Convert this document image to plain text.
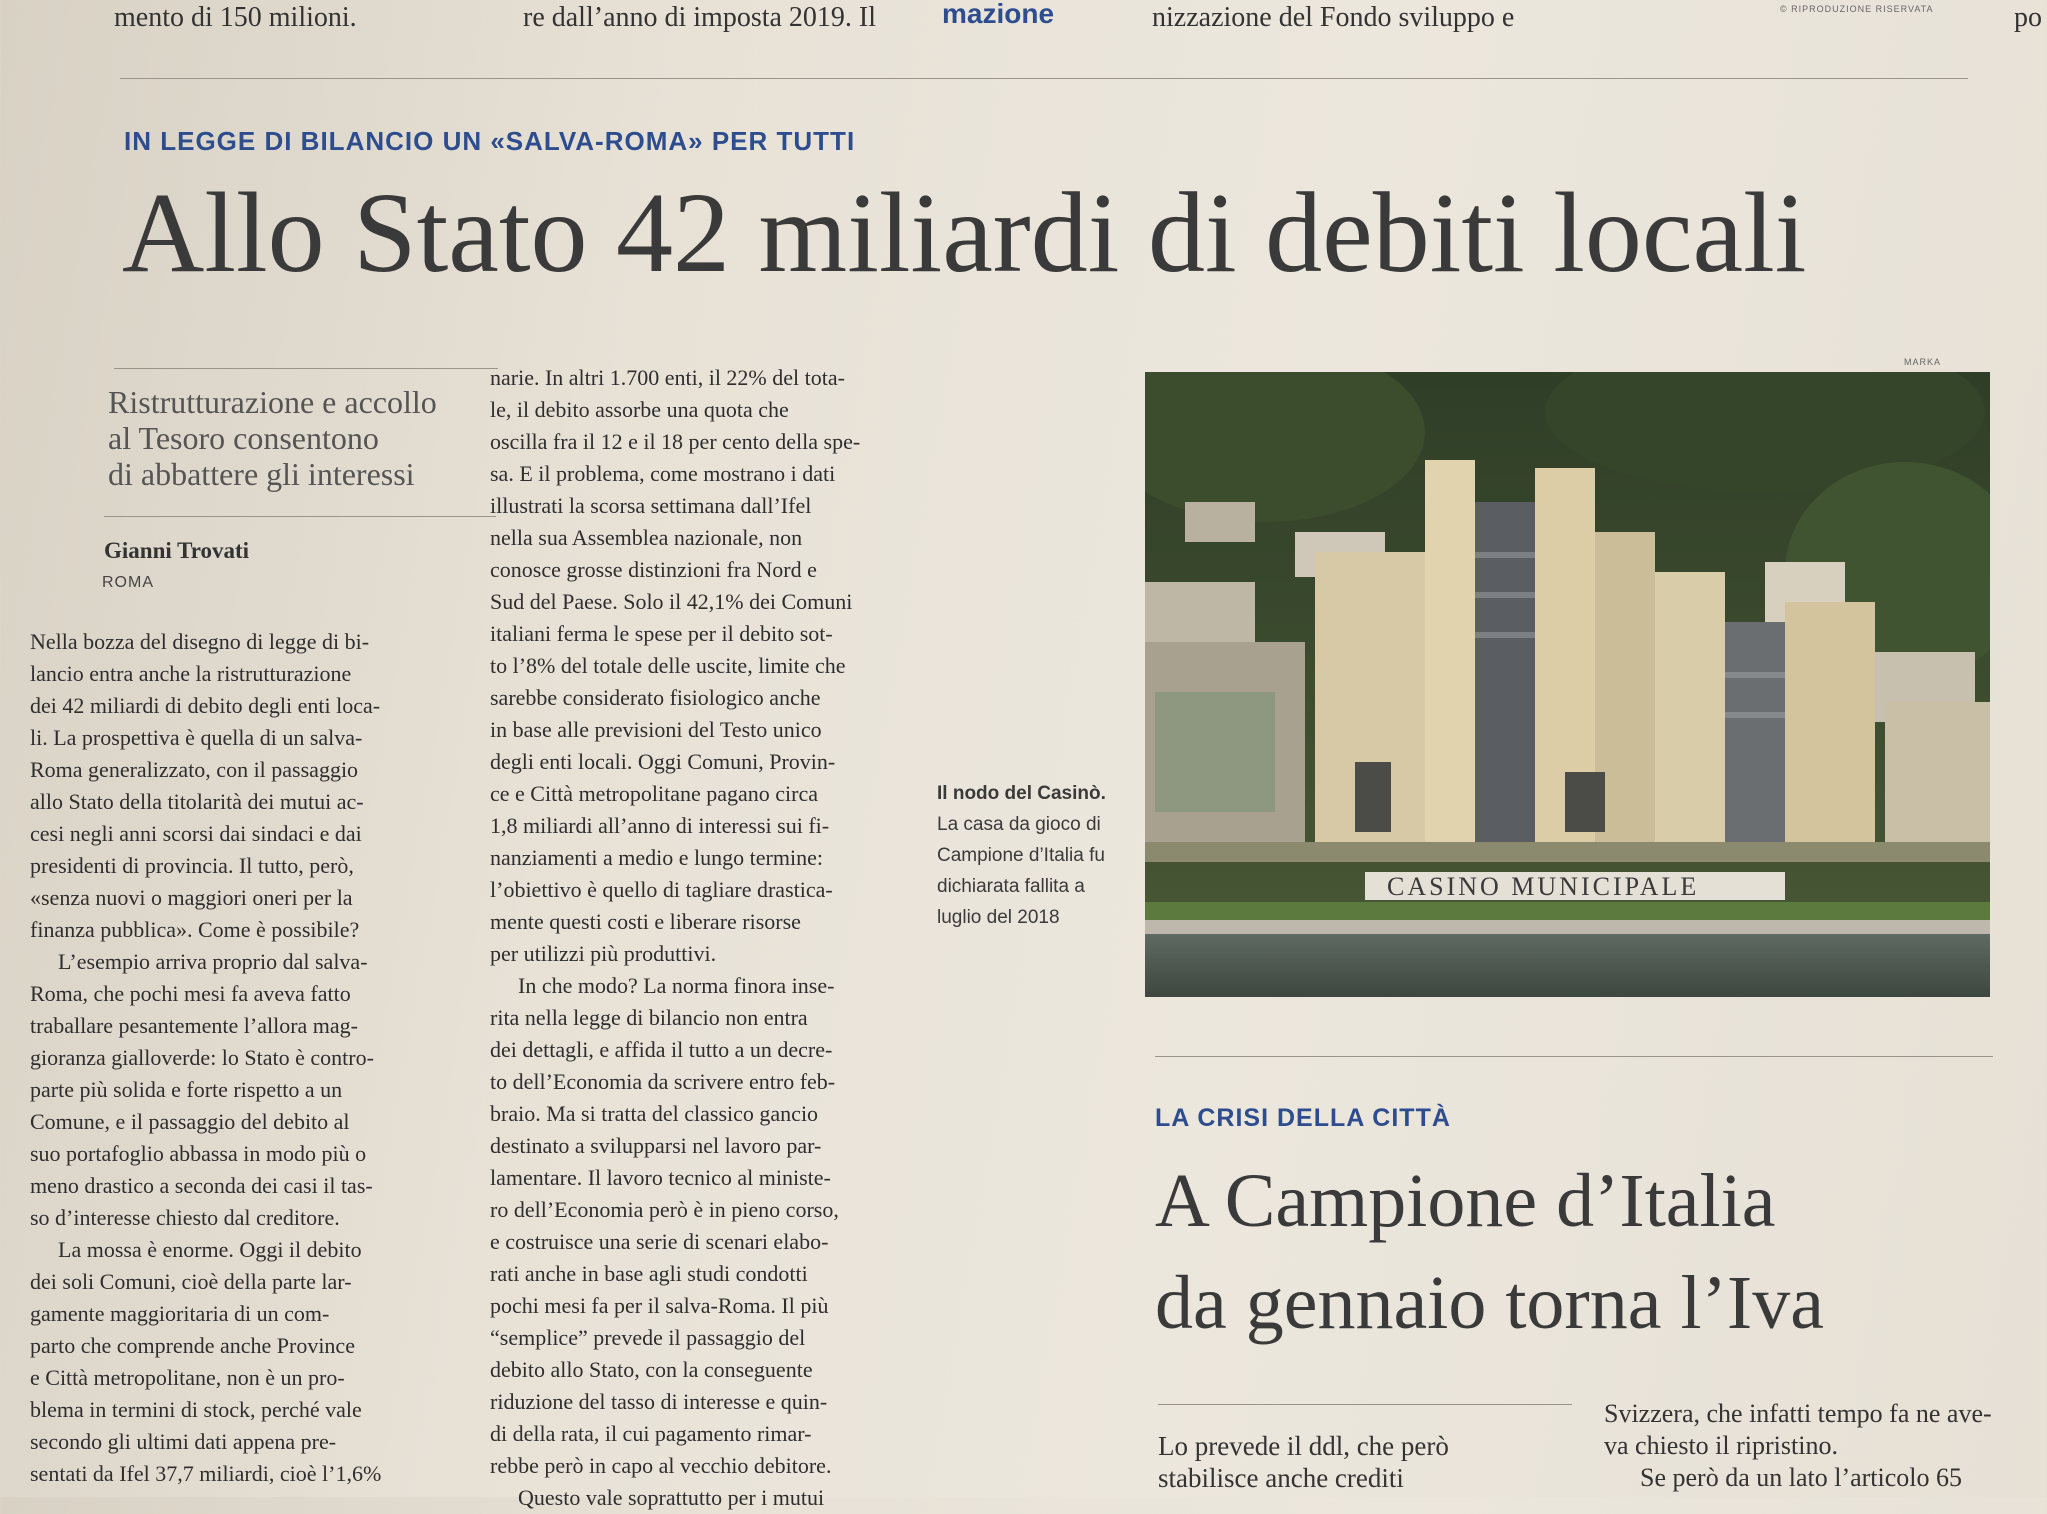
mento di 150 milioni.	re dall’anno di imposta 2019. Il mazione	nizzazione del Fondo sviluppo e	© RIPRODUZIONE RISERVATA	po
IN LEGGE DI BILANCIO UN «SALVA-ROMA» PER TUTTI
Allo Stato 42 miliardi di debiti locali
Ristrutturazione e accollo
al Tesoro consentono
di abbattere gli interessi
Gianni Trovati
ROMA
Nella bozza del disegno di legge di bi-
lancio entra anche la ristrutturazione
dei 42 miliardi di debito degli enti loca-
li. La prospettiva è quella di un salva-
Roma generalizzato, con il passaggio
allo Stato della titolarità dei mutui ac-
cesi negli anni scorsi dai sindaci e dai
presidenti di provincia. Il tutto, però,
«senza nuovi o maggiori oneri per la
finanza pubblica». Come è possibile?
L’esempio arriva proprio dal salva-
Roma, che pochi mesi fa aveva fatto
traballare pesantemente l’allora mag-
gioranza gialloverde: lo Stato è contro-
parte più solida e forte rispetto a un
Comune, e il passaggio del debito al
suo portafoglio abbassa in modo più o
meno drastico a seconda dei casi il tas-
so d’interesse chiesto dal creditore.
La mossa è enorme. Oggi il debito
dei soli Comuni, cioè della parte lar-
gamente maggioritaria di un com-
parto che comprende anche Province
e Città metropolitane, non è un pro-
blema in termini di stock, perché vale
secondo gli ultimi dati appena pre-
sentati da Ifel 37,7 miliardi, cioè l’1,6%
narie. In altri 1.700 enti, il 22% del tota-
le, il debito assorbe una quota che
oscilla fra il 12 e il 18 per cento della spe-
sa. E il problema, come mostrano i dati
illustrati la scorsa settimana dall’Ifel
nella sua Assemblea nazionale, non
conosce grosse distinzioni fra Nord e
Sud del Paese. Solo il 42,1% dei Comuni
italiani ferma le spese per il debito sot-
to l’8% del totale delle uscite, limite che
sarebbe considerato fisiologico anche
in base alle previsioni del Testo unico
degli enti locali. Oggi Comuni, Provin-
ce e Città metropolitane pagano circa
1,8 miliardi all’anno di interessi sui fi-
nanziamenti a medio e lungo termine:
l’obiettivo è quello di tagliare drastica-
mente questi costi e liberare risorse
per utilizzi più produttivi.
In che modo? La norma finora inse-
rita nella legge di bilancio non entra
dei dettagli, e affida il tutto a un decre-
to dell’Economia da scrivere entro feb-
braio. Ma si tratta del classico gancio
destinato a svilupparsi nel lavoro par-
lamentare. Il lavoro tecnico al ministe-
ro dell’Economia però è in pieno corso,
e costruisce una serie di scenari elabo-
rati anche in base agli studi condotti
pochi mesi fa per il salva-Roma. Il più
“semplice” prevede il passaggio del
debito allo Stato, con la conseguente
riduzione del tasso di interesse e quin-
di della rata, il cui pagamento rimar-
rebbe però in capo al vecchio debitore.
Questo vale soprattutto per i mutui
Il nodo del Casinò. La casa da gioco di Campione d’Italia fu dichiarata fallita a luglio del 2018
MARKA
CASINO MUNICIPALE
LA CRISI DELLA CITTÀ
A Campione d’Italia
da gennaio torna l’Iva
Lo prevede il ddl, che però
stabilisce anche crediti
Svizzera, che infatti tempo fa ne ave-
va chiesto il ripristino.
Se però da un lato l’articolo 65
